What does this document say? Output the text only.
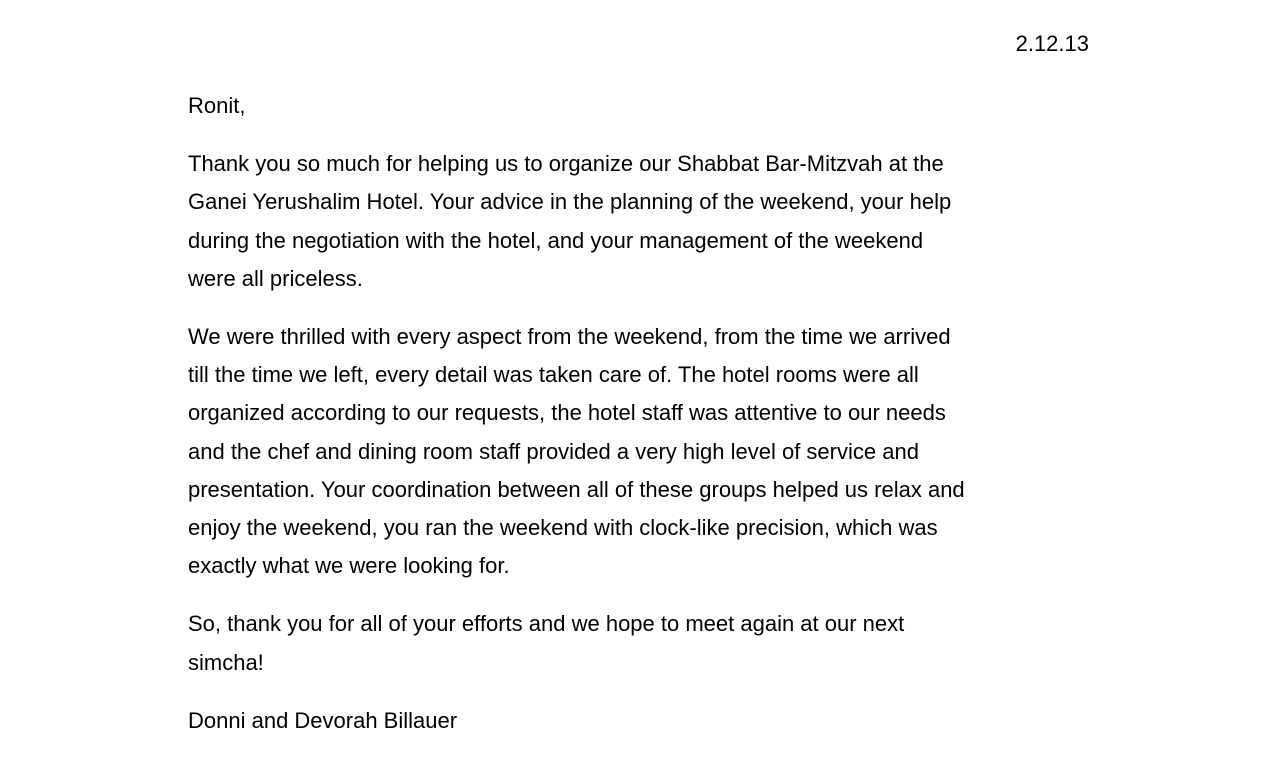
2.12.13

Ronit,

Thank you so much for helping us to organize our Shabbat Bar-Mitzvah at the
Ganei Yerushalim Hotel. Your advice in the planning of the weekend, your help
during the negotiation with the hotel, and your management of the weekend
were all priceless.

We were thrilled with every aspect from the weekend, from the time we arrived
till the time we left, every detail was taken care of. The hotel rooms were all
organized according to our requests, the hotel staff was attentive to our needs
and the chef and dining room staff provided a very high level of service and
presentation. Your coordination between all of these groups helped us relax and
enjoy the weekend, you ran the weekend with clock-like precision, which was
exactly what we were looking for.

So, thank you for all of your efforts and we hope to meet again at our next
simcha!

Donni and Devorah Billauer
